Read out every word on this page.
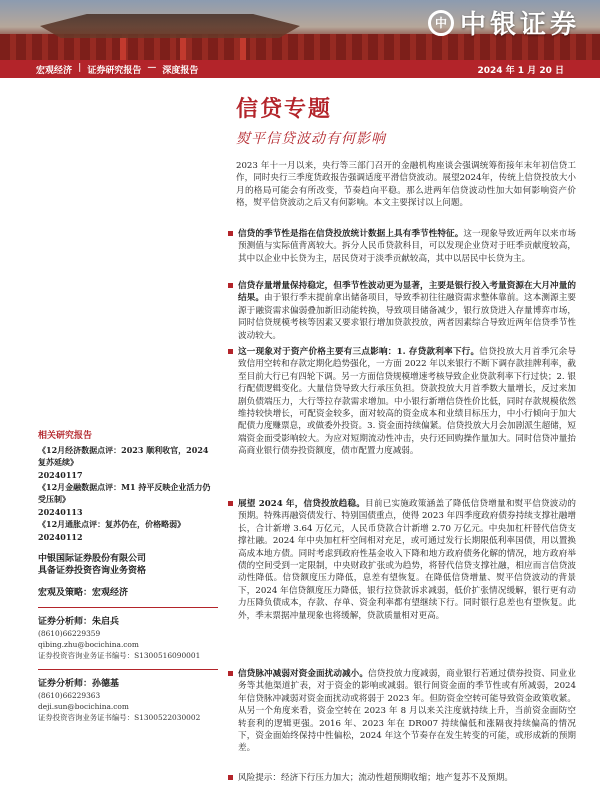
中 中银证券
宏观经济 | 证券研究报告 — 深度报告	2024 年 1 月 20 日
信贷专题
熨平信贷波动有何影响
2023 年十一月以来，央行等三部门召开的金融机构座谈会强调统筹衔接年末年初信贷工作，同时央行三季度货政报告强调适度平滑信贷波动。展望2024年，传统上信贷投放大小月的格局可能会有所改变，节奏趋向平稳。那么进两年信贷波动性加大如何影响资产价格，熨平信贷波动之后又有何影响。本文主要探讨以上问题。
信贷的季节性是指在信贷投放统计数据上具有季节性特征。这一现象导致近两年以来市场预测值与实际值背离较大。拆分人民币贷款科目，可以发现企业贷对于旺季贡献度较高，其中以企业中长贷为主，居民贷对于淡季贡献较高，其中以居民中长贷为主。
信贷存量增量保持稳定，但季节性波动更为显著，主要是银行投入考量资源在大月冲量的结果。由于银行季末提前拿出储备项目，导致季初往往融资需求整体靠前。这本测源主要源于融资需求偏弱叠加新旧动能转换，导致项目储备减少，银行放贷进入存量博弈市场，同时信贷规模考核等因素又要求银行增加贷款投放，两者因素综合导致近两年信贷季节性波动较大。
这一现象对于资产价格主要有三点影响：1. 存贷款利率下行。信贷投放大月首季冗余导致信用空转和存款定期化趋势强化，一方面 2022 年以来银行不断下调存款挂牌利率，截至目前大行已有四轮下调。另一方面信贷规模增速考核导致企业贷款利率下行过快；2. 银行配债逻辑变化。大量信贷导致大行承压负担。贷款投放大月首季数大量增长，反过来加剧负债端压力，大行等拉存款需求增加。中小银行新增信贷性价比低，同时存款规模依然维持较快增长，可配资金较多，面对较高的资金成本和业绩目标压力，中小行倾向于加大配债力度赚票息，或做委外投资。3. 资金面持续偏紧。信贷投放大月会加剧派生超储，短端资金面受影响较大。为应对短期流动性冲击，央行还回购操作量加大。同时信贷冲量抬高商业银行债券投资额度，债市配置力度减弱。
展望 2024 年，信贷投放趋稳。目前已实施政策涵盖了降低信贷增量和熨平信贷波动的预期。特殊再融资债发行、特别国债重点，使得 2023 年四季度政府债券持续支撑社融增长，合计新增 3.64 万亿元，人民币贷款合计新增 2.70 万亿元。中央加杠杆替代信贷支撑社融。2024 年中央加杠杆空间相对充足，或可通过发行长期限低利率国债，用以置换高成本地方债。同时考虑到政府性基金收入下降和地方政府债务化解的情况，地方政府举债的空间受到一定限制，中央财政扩张或为趋势，将替代信贷支撑社融，相应而言信贷波动性降低。信贷额度压力降低，息差有望恢复。在降低信贷增量、熨平信贷波动的背景下，2024 年信贷额度压力降低，银行拉贷款诉求减弱，低价扩张情况缓解，银行更有动力压降负债成本，存款、存单、资金利率都有望继续下行。同时银行息差也有望恢复。此外，季末票据冲量现象也将缓解，贷款质量相对更高。
信贷脉冲减弱对资金面扰动减小。信贷投放力度减弱，商业银行若通过债券投资、同业业务等其他渠道扩表，对于资金的影响或减弱。银行间资金面的季节性或有所减弱，2024 年信贷脉冲减弱对资金面扰动或将弱于 2023 年。但防资金空转可能导致资金政策收紧。从另一个角度来看，资金空转在 2023 年 8 月以来关注度就持续上升，当前资金面防空转套利的逻辑更强。2016 年、2023 年在 DR007 持续偏低和涨隔夜持续偏高的情况下，资金面始终保持中性偏松，2024 年这个节奏存在发生转变的可能，或形成新的预期差。
风险提示：经济下行压力加大；流动性超预期收缩；地产复苏不及预期。
相关研究报告
《12月经济数据点评：2023 顺利收官，2024 复苏延续》
20240117
《12月金融数据点评：M1 持平反映企业活力仍受压制》
20240113
《12月通胀点评：复苏仍在，价格略弱》
20240112
中银国际证券股份有限公司
具备证券投资咨询业务资格
宏观及策略：宏观经济
证券分析师：朱启兵
(8610)66229359
qibing.zhu@bocichina.com
证券投资咨询业务证书编号：S1300516090001
证券分析师：孙德基
(8610)66229363
deji.sun@bocichina.com
证券投资咨询业务证书编号：S1300522030002
